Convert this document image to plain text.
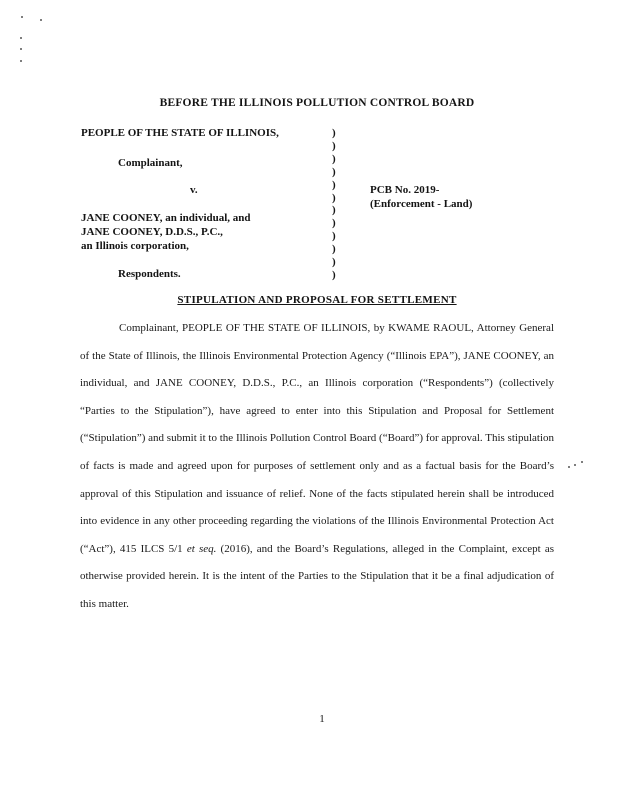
BEFORE THE ILLINOIS POLLUTION CONTROL BOARD
PEOPLE OF THE STATE OF ILLINOIS,
Complainant,
v.
JANE COONEY, an individual, and
JANE COONEY, D.D.S., P.C.,
an Illinois corporation,
Respondents.
)
)
)
)
)
)
)
)
)
)
)
)
PCB No. 2019-
(Enforcement - Land)
STIPULATION AND PROPOSAL FOR SETTLEMENT

Complainant, PEOPLE OF THE STATE OF ILLINOIS, by KWAME RAOUL, Attorney General of the State of Illinois, the Illinois Environmental Protection Agency (“Illinois EPA”), JANE COONEY, an individual, and JANE COONEY, D.D.S., P.C., an Illinois corporation (“Respondents”) (collectively “Parties to the Stipulation”), have agreed to enter into this Stipulation and Proposal for Settlement (“Stipulation”) and submit it to the Illinois Pollution Control Board (“Board”) for approval. This stipulation of facts is made and agreed upon for purposes of settlement only and as a factual basis for the Board’s approval of this Stipulation and issuance of relief. None of the facts stipulated herein shall be introduced into evidence in any other proceeding regarding the violations of the Illinois Environmental Protection Act (“Act”), 415 ILCS 5/1 et seq. (2016), and the Board’s Regulations, alleged in the Complaint, except as otherwise provided herein. It is the intent of the Parties to the Stipulation that it be a final adjudication of this matter.

1
